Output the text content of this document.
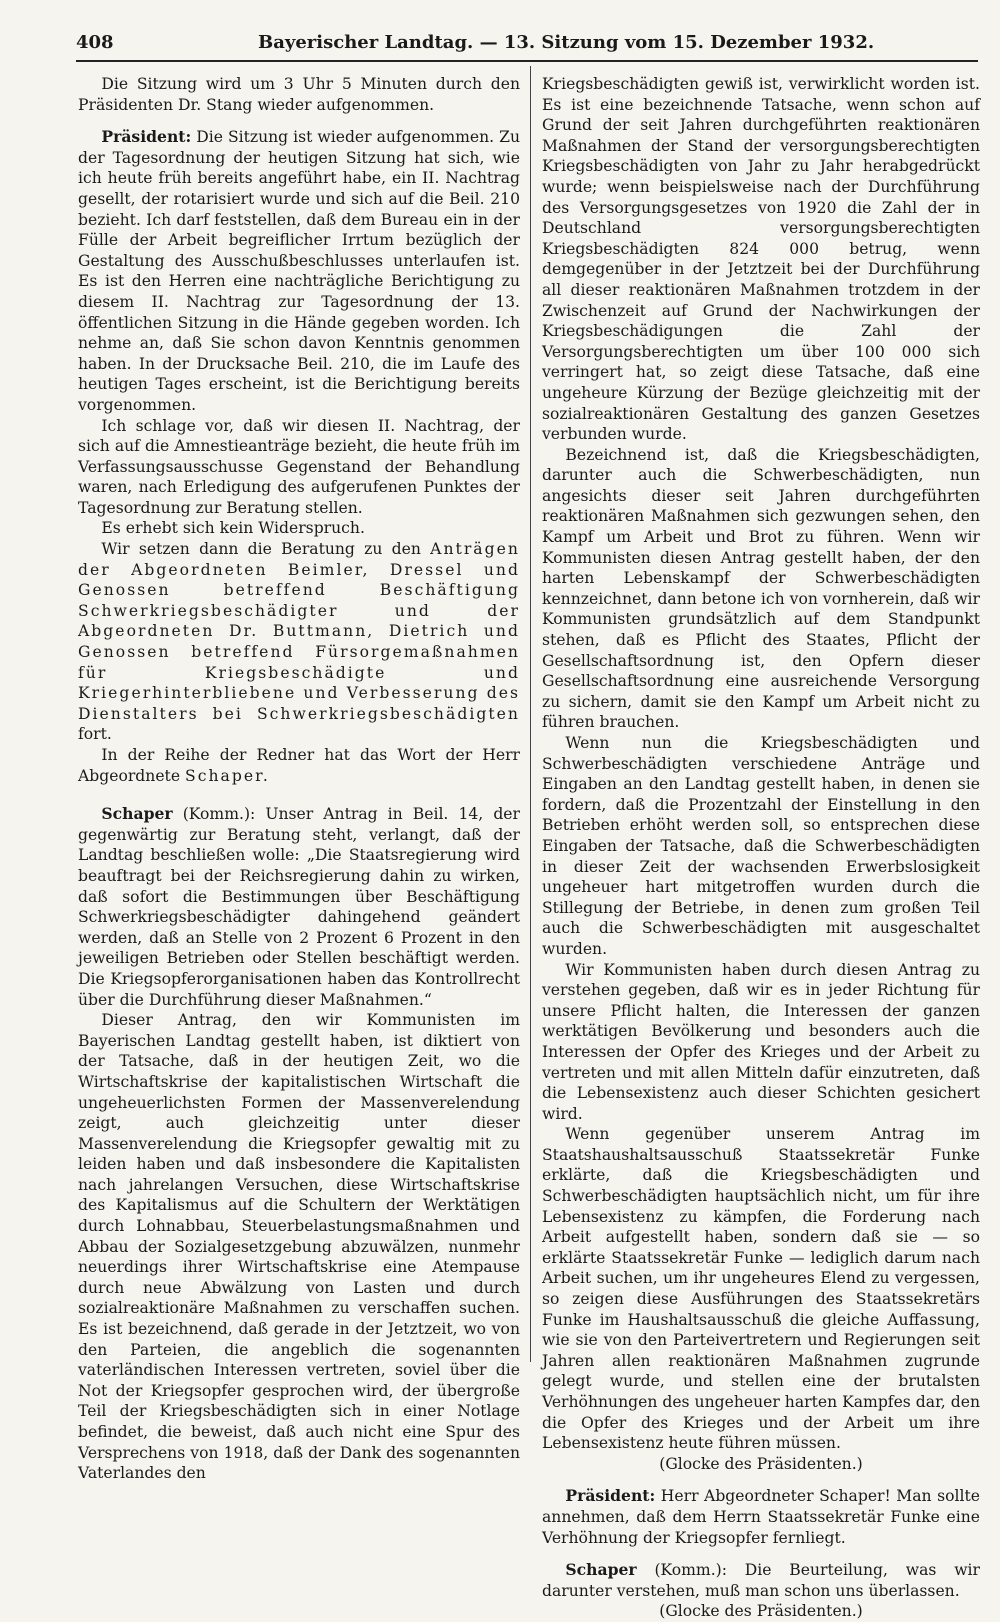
408	Bayerischer Landtag. — 13. Sitzung vom 15. Dezember 1932.

Die Sitzung wird um 3 Uhr 5 Minuten durch den Präsidenten Dr. Stang wieder aufgenommen.

Präsident: Die Sitzung ist wieder aufgenommen. Zu der Tagesordnung der heutigen Sitzung hat sich, wie ich heute früh bereits angeführt habe, ein II. Nachtrag gesellt, der rotarisiert wurde und sich auf die Beil. 210 bezieht. Ich darf feststellen, daß dem Bureau ein in der Fülle der Arbeit begreiflicher Irrtum bezüglich der Gestaltung des Ausschußbeschlusses unterlaufen ist. Es ist den Herren eine nachträgliche Berichtigung zu diesem II. Nachtrag zur Tagesordnung der 13. öffentlichen Sitzung in die Hände gegeben worden. Ich nehme an, daß Sie schon davon Kenntnis genommen haben. In der Drucksache Beil. 210, die im Laufe des heutigen Tages erscheint, ist die Berichtigung bereits vorgenommen.

Ich schlage vor, daß wir diesen II. Nachtrag, der sich auf die Amnestieanträge bezieht, die heute früh im Verfassungsausschusse Gegenstand der Behandlung waren, nach Erledigung des aufgerufenen Punktes der Tagesordnung zur Beratung stellen.

Es erhebt sich kein Widerspruch.

Wir setzen dann die Beratung zu den Anträgen der Abgeordneten Beimler, Dressel und Genossen betreffend Beschäftigung Schwerkriegsbeschädigter und der Abgeordneten Dr. Buttmann, Dietrich und Genossen betreffend Fürsorgemaßnahmen für Kriegsbeschädigte und Kriegerhinterbliebene und Verbesserung des Dienstalters bei Schwerkriegsbeschädigten fort.

In der Reihe der Redner hat das Wort der Herr Abgeordnete Schaper.

Schaper (Komm.): Unser Antrag in Beil. 14, der gegenwärtig zur Beratung steht, verlangt, daß der Landtag beschließen wolle: „Die Staatsregierung wird beauftragt bei der Reichsregierung dahin zu wirken, daß sofort die Bestimmungen über Beschäftigung Schwerkriegsbeschädigter dahingehend geändert werden, daß an Stelle von 2 Prozent 6 Prozent in den jeweiligen Betrieben oder Stellen beschäftigt werden. Die Kriegsopferorganisationen haben das Kontrollrecht über die Durchführung dieser Maßnahmen.“

Dieser Antrag, den wir Kommunisten im Bayerischen Landtag gestellt haben, ist diktiert von der Tatsache, daß in der heutigen Zeit, wo die Wirtschaftskrise der kapitalistischen Wirtschaft die ungeheuerlichsten Formen der Massenverelendung zeigt, auch gleichzeitig unter dieser Massenverelendung die Kriegsopfer gewaltig mit zu leiden haben und daß insbesondere die Kapitalisten nach jahrelangen Versuchen, diese Wirtschaftskrise des Kapitalismus auf die Schultern der Werktätigen durch Lohnabbau, Steuerbelastungsmaßnahmen und Abbau der Sozialgesetzgebung abzuwälzen, nunmehr neuerdings ihrer Wirtschaftskrise eine Atempause durch neue Abwälzung von Lasten und durch sozialreaktionäre Maßnahmen zu verschaffen suchen. Es ist bezeichnend, daß gerade in der Jetztzeit, wo von den Parteien, die angeblich die sogenannten vaterländischen Interessen vertreten, soviel über die Not der Kriegsopfer gesprochen wird, der übergroße Teil der Kriegsbeschädigten sich in einer Notlage befindet, die beweist, daß auch nicht eine Spur des Versprechens von 1918, daß der Dank des sogenannten Vaterlandes den

Kriegsbeschädigten gewiß ist, verwirklicht worden ist. Es ist eine bezeichnende Tatsache, wenn schon auf Grund der seit Jahren durchgeführten reaktionären Maßnahmen der Stand der versorgungsberechtigten Kriegsbeschädigten von Jahr zu Jahr herabgedrückt wurde; wenn beispielsweise nach der Durchführung des Versorgungsgesetzes von 1920 die Zahl der in Deutschland versorgungsberechtigten Kriegsbeschädigten 824 000 betrug, wenn demgegenüber in der Jetztzeit bei der Durchführung all dieser reaktionären Maßnahmen trotzdem in der Zwischenzeit auf Grund der Nachwirkungen der Kriegsbeschädigungen die Zahl der Versorgungsberechtigten um über 100 000 sich verringert hat, so zeigt diese Tatsache, daß eine ungeheure Kürzung der Bezüge gleichzeitig mit der sozialreaktionären Gestaltung des ganzen Gesetzes verbunden wurde.

Bezeichnend ist, daß die Kriegsbeschädigten, darunter auch die Schwerbeschädigten, nun angesichts dieser seit Jahren durchgeführten reaktionären Maßnahmen sich gezwungen sehen, den Kampf um Arbeit und Brot zu führen. Wenn wir Kommunisten diesen Antrag gestellt haben, der den harten Lebenskampf der Schwerbeschädigten kennzeichnet, dann betone ich von vornherein, daß wir Kommunisten grundsätzlich auf dem Standpunkt stehen, daß es Pflicht des Staates, Pflicht der Gesellschaftsordnung ist, den Opfern dieser Gesellschaftsordnung eine ausreichende Versorgung zu sichern, damit sie den Kampf um Arbeit nicht zu führen brauchen.

Wenn nun die Kriegsbeschädigten und Schwerbeschädigten verschiedene Anträge und Eingaben an den Landtag gestellt haben, in denen sie fordern, daß die Prozentzahl der Einstellung in den Betrieben erhöht werden soll, so entsprechen diese Eingaben der Tatsache, daß die Schwerbeschädigten in dieser Zeit der wachsenden Erwerbslosigkeit ungeheuer hart mitgetroffen wurden durch die Stillegung der Betriebe, in denen zum großen Teil auch die Schwerbeschädigten mit ausgeschaltet wurden.

Wir Kommunisten haben durch diesen Antrag zu verstehen gegeben, daß wir es in jeder Richtung für unsere Pflicht halten, die Interessen der ganzen werktätigen Bevölkerung und besonders auch die Interessen der Opfer des Krieges und der Arbeit zu vertreten und mit allen Mitteln dafür einzutreten, daß die Lebensexistenz auch dieser Schichten gesichert wird.

Wenn gegenüber unserem Antrag im Staatshaushaltsausschuß Staatssekretär Funke erklärte, daß die Kriegsbeschädigten und Schwerbeschädigten hauptsächlich nicht, um für ihre Lebensexistenz zu kämpfen, die Forderung nach Arbeit aufgestellt haben, sondern daß sie — so erklärte Staatssekretär Funke — lediglich darum nach Arbeit suchen, um ihr ungeheures Elend zu vergessen, so zeigen diese Ausführungen des Staatssekretärs Funke im Haushaltsausschuß die gleiche Auffassung, wie sie von den Parteivertretern und Regierungen seit Jahren allen reaktionären Maßnahmen zugrunde gelegt wurde, und stellen eine der brutalsten Verhöhnungen des ungeheuer harten Kampfes dar, den die Opfer des Krieges und der Arbeit um ihre Lebensexistenz heute führen müssen.

(Glocke des Präsidenten.)

Präsident: Herr Abgeordneter Schaper! Man sollte annehmen, daß dem Herrn Staatssekretär Funke eine Verhöhnung der Kriegsopfer fernliegt.

Schaper (Komm.): Die Beurteilung, was wir darunter verstehen, muß man schon uns überlassen.

(Glocke des Präsidenten.)
